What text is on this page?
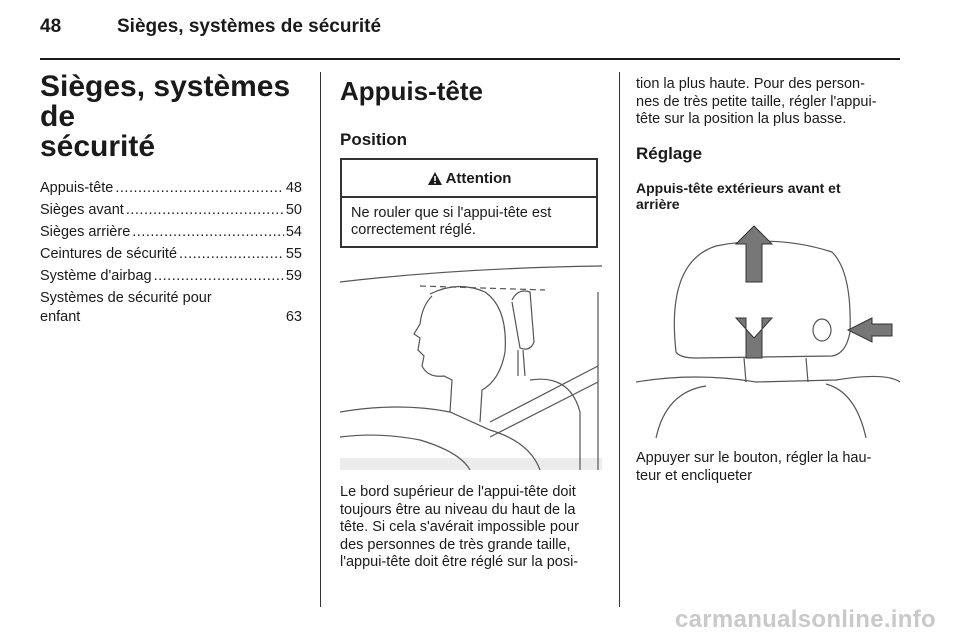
48	Sièges, systèmes de sécurité
Sièges, systèmes de
sécurité
Appuis-tête .....	48
Sièges avant .....	50
Sièges arrière .....	54
Ceintures de sécurité .....	55
Système d'airbag .....	59
Systèmes de sécurité pour
enfant	63
Appuis-tête
Position
Attention
Ne rouler que si l'appui-tête est correctement réglé.
Le bord supérieur de l'appui-tête doit
toujours être au niveau du haut de la
tête. Si cela s'avérait impossible pour
des personnes de très grande taille,
l'appui-tête doit être réglé sur la posi-
tion la plus haute. Pour des person-
nes de très petite taille, régler l'appui-
tête sur la position la plus basse.
Réglage
Appuis-tête extérieurs avant et arrière
Appuyer sur le bouton, régler la hau-
teur et encliqueter
carmanualsonline.info
